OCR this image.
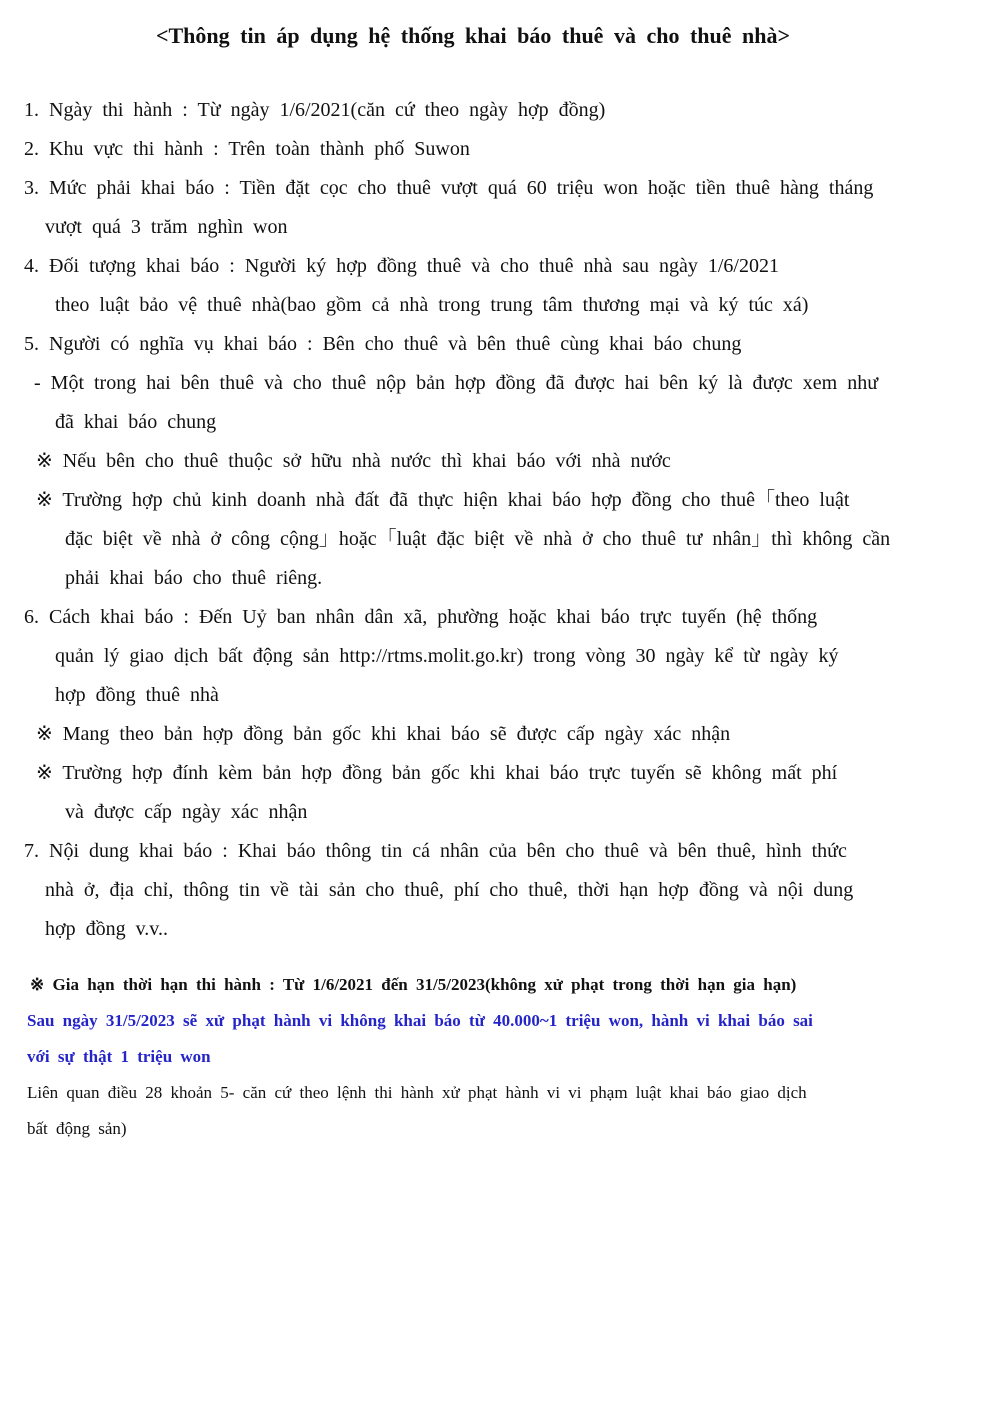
<Thông tin áp dụng hệ thống khai báo thuê và cho thuê nhà>
1. Ngày thi hành : Từ ngày 1/6/2021(căn cứ theo ngày hợp đồng)
2. Khu vực thi hành : Trên toàn thành phố Suwon
3. Mức phải khai báo : Tiền đặt cọc cho thuê vượt quá 60 triệu won hoặc tiền thuê hàng tháng
vượt quá 3 trăm nghìn won
4. Đối tượng khai báo : Người ký hợp đồng thuê và cho thuê nhà sau ngày 1/6/2021
theo luật bảo vệ thuê nhà(bao gồm cả nhà trong trung tâm thương mại và ký túc xá)
5. Người có nghĩa vụ khai báo : Bên cho thuê và bên thuê cùng khai báo chung
- Một trong hai bên thuê và cho thuê nộp bản hợp đồng đã được hai bên ký là được xem như
đã khai báo chung
※ Nếu bên cho thuê thuộc sở hữu nhà nước thì khai báo với nhà nước
※ Trường hợp chủ kinh doanh nhà đất đã thực hiện khai báo hợp đồng cho thuê「theo luật
đặc biệt về nhà ở công cộng」hoặc「luật đặc biệt về nhà ở cho thuê tư nhân」thì không cần
phải khai báo cho thuê riêng.
6. Cách khai báo : Đến Uỷ ban nhân dân xã, phường hoặc khai báo trực tuyến (hệ thống
quản lý giao dịch bất động sản http://rtms.molit.go.kr) trong vòng 30 ngày kể từ ngày ký
hợp đồng thuê nhà
※ Mang theo bản hợp đồng bản gốc khi khai báo sẽ được cấp ngày xác nhận
※ Trường hợp đính kèm bản hợp đồng bản gốc khi khai báo trực tuyến sẽ không mất phí
và được cấp ngày xác nhận
7. Nội dung khai báo : Khai báo thông tin cá nhân của bên cho thuê và bên thuê, hình thức
nhà ở, địa chỉ, thông tin về tài sản cho thuê, phí cho thuê, thời hạn hợp đồng và nội dung
hợp đồng v.v..
※ Gia hạn thời hạn thi hành : Từ 1/6/2021 đến 31/5/2023(không xử phạt trong thời hạn gia hạn)
Sau ngày 31/5/2023 sẽ xử phạt hành vi không khai báo từ 40.000~1 triệu won, hành vi khai báo sai
với sự thật 1 triệu won
Liên quan điều 28 khoản 5- căn cứ theo lệnh thi hành xử phạt hành vi vi phạm luật khai báo giao dịch
bất động sản)
